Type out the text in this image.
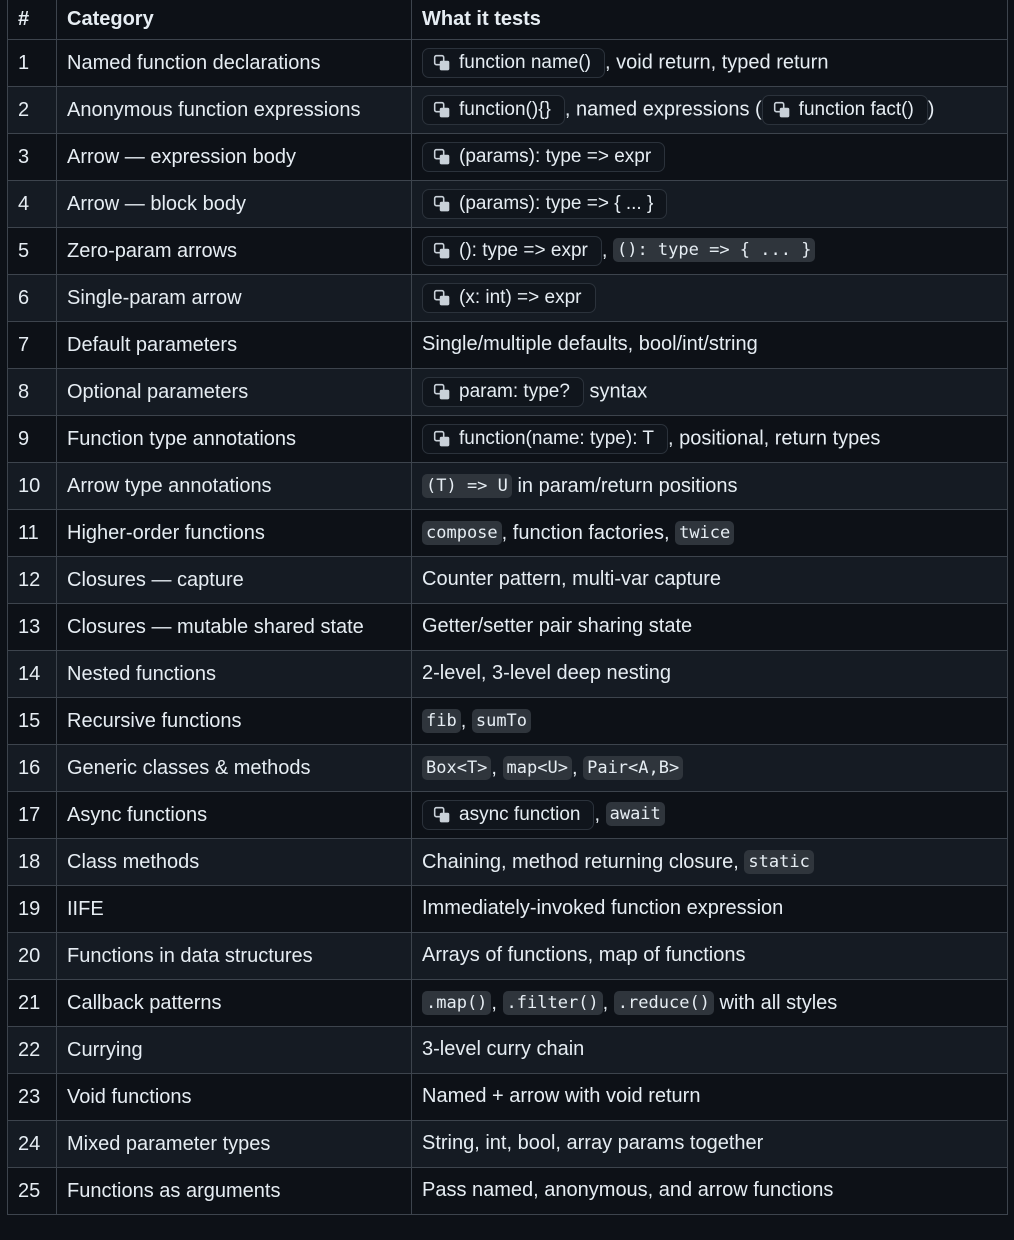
#	Category	What it tests
1	Named function declarations	function name() , void return, typed return
2	Anonymous function expressions	function(){} , named expressions ( function fact() )
3	Arrow — expression body	(params): type => expr

4	Arrow — block body	(params): type => { ... }

5	Zero-param arrows	(): type => expr , (): type => { ... }
6	Single-param arrow	(x: int) => expr

7	Default parameters	Single/multiple defaults, bool/int/string
8	Optional parameters	param: type? syntax
9	Function type annotations	function(name: type): T , positional, return types
10	Arrow type annotations	(T) => U in param/return positions
11	Higher-order functions	compose , function factories, twice
12	Closures — capture	Counter pattern, multi-var capture
13	Closures — mutable shared state	Getter/setter pair sharing state
14	Nested functions	2-level, 3-level deep nesting
15	Recursive functions	fib , sumTo
16	Generic classes & methods	Box<T> , map<U> , Pair<A,B>
17	Async functions	async function , await
18	Class methods	Chaining, method returning closure, static
19	IIFE	Immediately-invoked function expression
20	Functions in data structures	Arrays of functions, map of functions
21	Callback patterns	.map() , .filter() , .reduce() with all styles
22	Currying	3-level curry chain
23	Void functions	Named + arrow with void return
24	Mixed parameter types	String, int, bool, array params together
25	Functions as arguments	Pass named, anonymous, and arrow functions
